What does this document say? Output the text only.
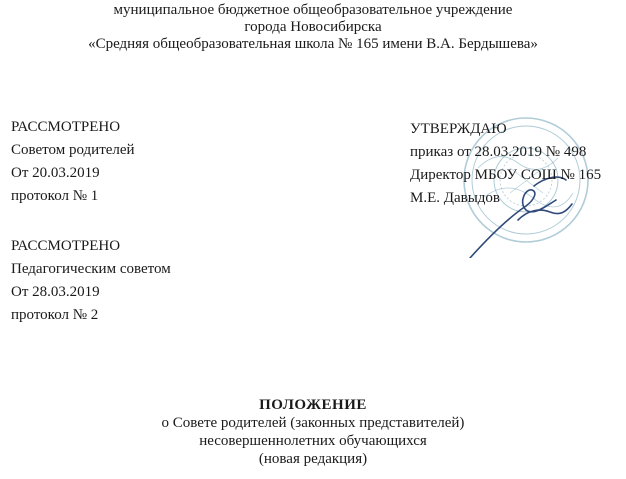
муниципальное бюджетное общеобразовательное учреждение
города Новосибирска
«Средняя общеобразовательная школа № 165 имени В.А. Бердышева»
РАССМОТРЕНО
Советом родителей
От 20.03.2019
протокол № 1
РАССМОТРЕНО
Педагогическим советом
От 28.03.2019
протокол № 2
УТВЕРЖДАЮ
приказ от 28.03.2019 № 498
Директор МБОУ СОШ № 165
М.Е. Давыдов
ПОЛОЖЕНИЕ
о Совете родителей (законных представителей)
несовершеннолетних обучающихся
(новая редакция)
